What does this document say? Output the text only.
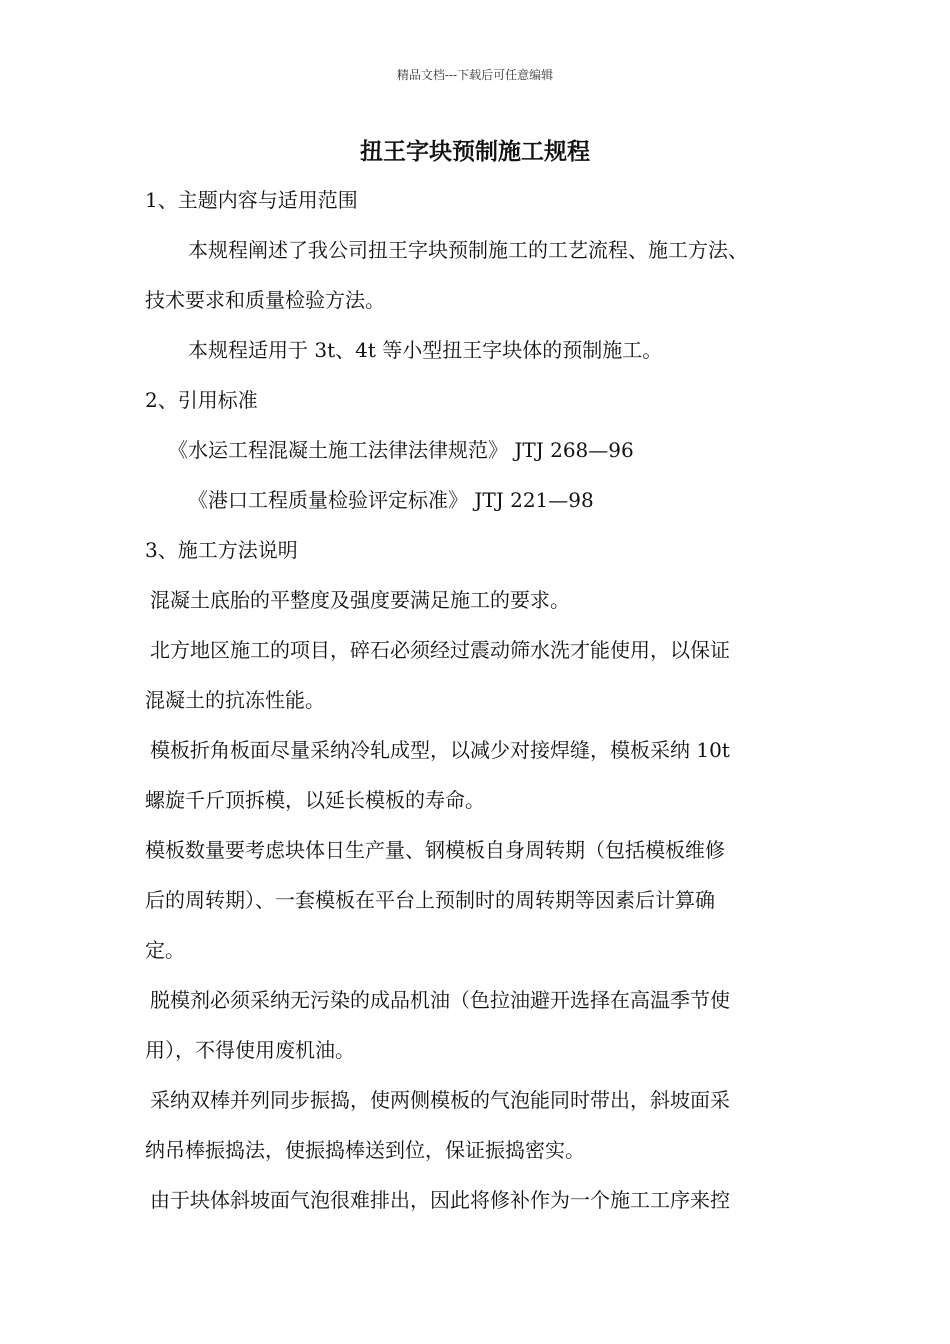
精品文档---下载后可任意编辑
扭王字块预制施工规程
1、主题内容与适用范围
本规程阐述了我公司扭王字块预制施工的工艺流程、施工方法、
技术要求和质量检验方法。
本规程适用于 3t、4t 等小型扭王字块体的预制施工。
2、引用标准
《水运工程混凝土施工法律法律规范》 JTJ 268—96
《港口工程质量检验评定标准》 JTJ 221—98
3、施工方法说明
混凝土底胎的平整度及强度要满足施工的要求。
北方地区施工的项目，碎石必须经过震动筛水洗才能使用，以保证
混凝土的抗冻性能。
模板折角板面尽量采纳冷轧成型，以减少对接焊缝，模板采纳 10t
螺旋千斤顶拆模，以延长模板的寿命。
模板数量要考虑块体日生产量、钢模板自身周转期（包括模板维修
后的周转期）、一套模板在平台上预制时的周转期等因素后计算确
定。
脱模剂必须采纳无污染的成品机油（色拉油避开选择在高温季节使
用），不得使用废机油。
采纳双棒并列同步振捣，使两侧模板的气泡能同时带出，斜坡面采
纳吊棒振捣法，使振捣棒送到位，保证振捣密实。
由于块体斜坡面气泡很难排出，因此将修补作为一个施工工序来控
